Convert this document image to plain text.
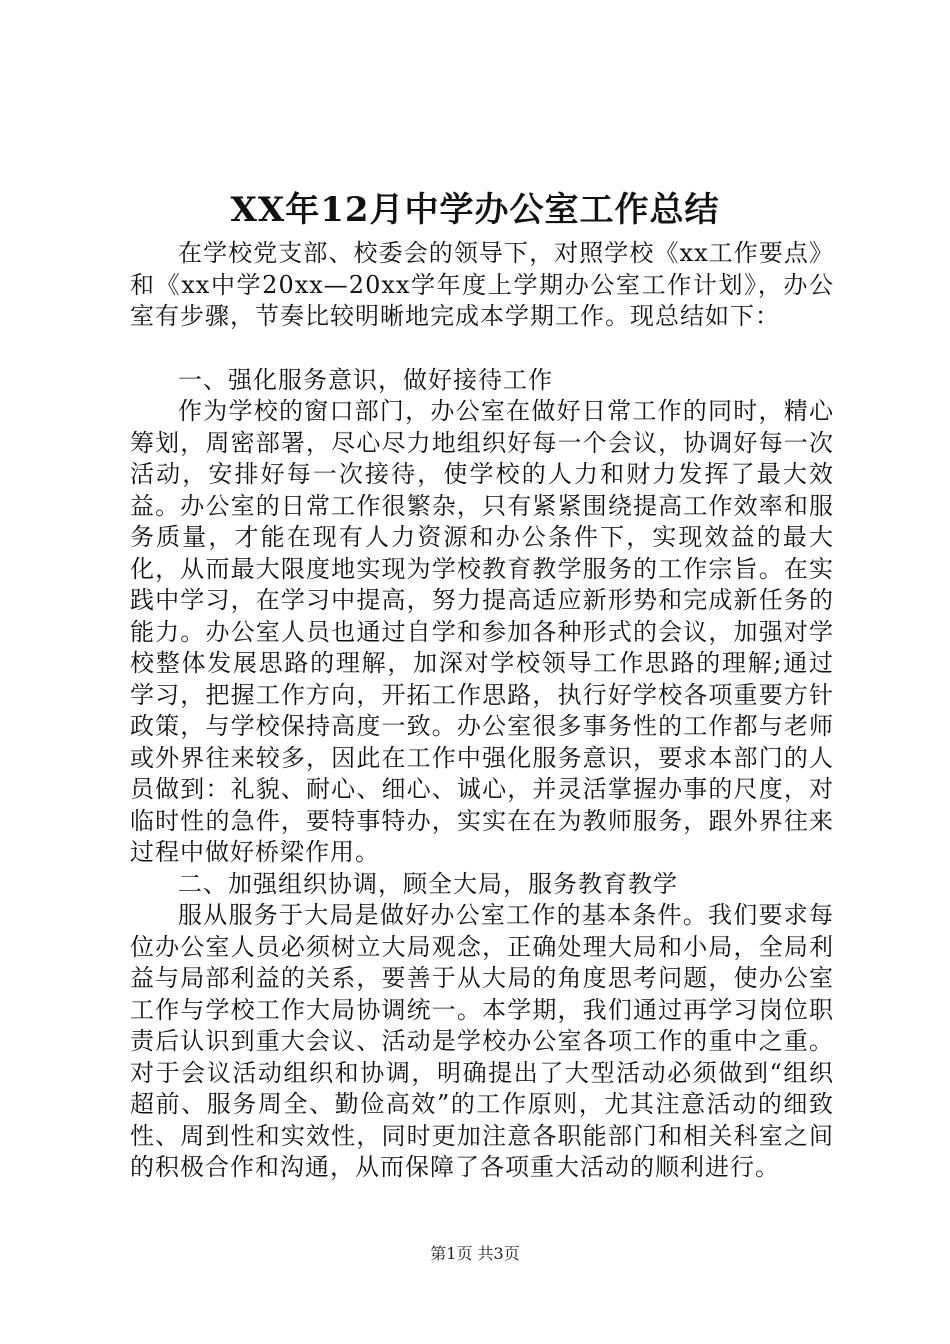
XX年12月中学办公室工作总结

在学校党支部、校委会的领导下，对照学校《xx工作要点》和《xx中学20xx—20xx学年度上学期办公室工作计划》，办公室有步骤，节奏比较明晰地完成本学期工作。现总结如下：

一、强化服务意识，做好接待工作

作为学校的窗口部门，办公室在做好日常工作的同时，精心筹划，周密部署，尽心尽力地组织好每一个会议，协调好每一次活动，安排好每一次接待，使学校的人力和财力发挥了最大效益。办公室的日常工作很繁杂，只有紧紧围绕提高工作效率和服务质量，才能在现有人力资源和办公条件下，实现效益的最大化，从而最大限度地实现为学校教育教学服务的工作宗旨。在实践中学习，在学习中提高，努力提高适应新形势和完成新任务的能力。办公室人员也通过自学和参加各种形式的会议，加强对学校整体发展思路的理解，加深对学校领导工作思路的理解;通过学习，把握工作方向，开拓工作思路，执行好学校各项重要方针政策，与学校保持高度一致。办公室很多事务性的工作都与老师或外界往来较多，因此在工作中强化服务意识，要求本部门的人员做到：礼貌、耐心、细心、诚心，并灵活掌握办事的尺度，对临时性的急件，要特事特办，实实在在为教师服务，跟外界往来过程中做好桥梁作用。

二、加强组织协调，顾全大局，服务教育教学

服从服务于大局是做好办公室工作的基本条件。我们要求每位办公室人员必须树立大局观念，正确处理大局和小局，全局利益与局部利益的关系，要善于从大局的角度思考问题，使办公室工作与学校工作大局协调统一。本学期，我们通过再学习岗位职责后认识到重大会议、活动是学校办公室各项工作的重中之重。对于会议活动组织和协调，明确提出了大型活动必须做到“组织超前、服务周全、勤俭高效”的工作原则，尤其注意活动的细致性、周到性和实效性，同时更加注意各职能部门和相关科室之间的积极合作和沟通，从而保障了各项重大活动的顺利进行。

第1页 共3页
